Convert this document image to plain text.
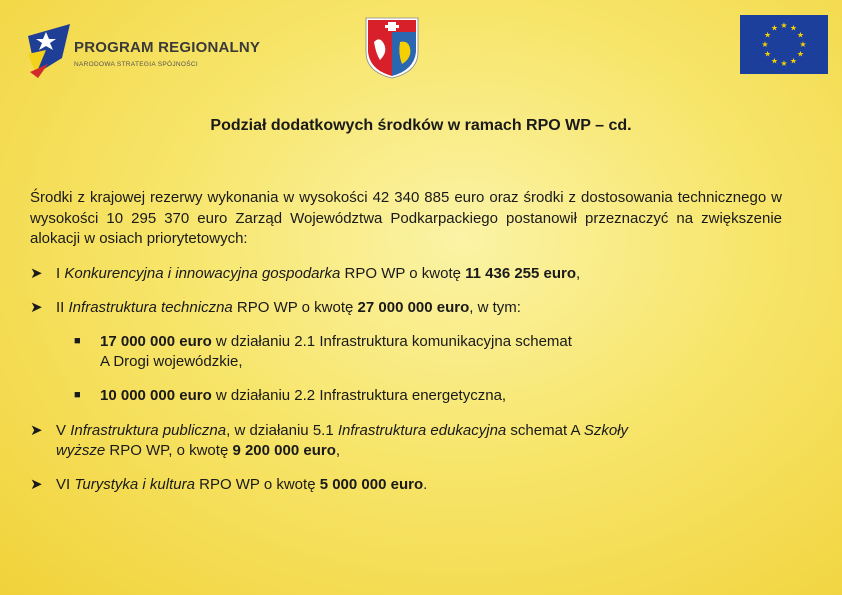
PROGRAM REGIONALNY
NARODOWA STRATEGIA SPÓJNOŚCI
★ ★
★
★
★
★
★
★
★
★
★
★
Podział dodatkowych środków w ramach RPO WP – cd.

Środki z krajowej rezerwy wykonania w wysokości 42 340 885 euro oraz środki z dostosowania technicznego w wysokości 10 295 370 euro Zarząd Województwa Podkarpackiego postanowił przeznaczyć na zwiększenie alokacji w osiach priorytetowych:

➤ I Konkurencyjna i innowacyjna gospodarka RPO WP o kwotę 11 436 255 euro,

➤ II Infrastruktura techniczna RPO WP o kwotę 27 000 000 euro, w tym:

■ 17 000 000 euro w działaniu 2.1 Infrastruktura komunikacyjna schemat
A Drogi wojewódzkie,

■ 10 000 000 euro w działaniu 2.2 Infrastruktura energetyczna,

➤ V Infrastruktura publiczna, w działaniu 5.1 Infrastruktura edukacyjna schemat A Szkoły
wyższe RPO WP, o kwotę 9 200 000 euro,

➤ VI Turystyka i kultura RPO WP o kwotę 5 000 000 euro.
